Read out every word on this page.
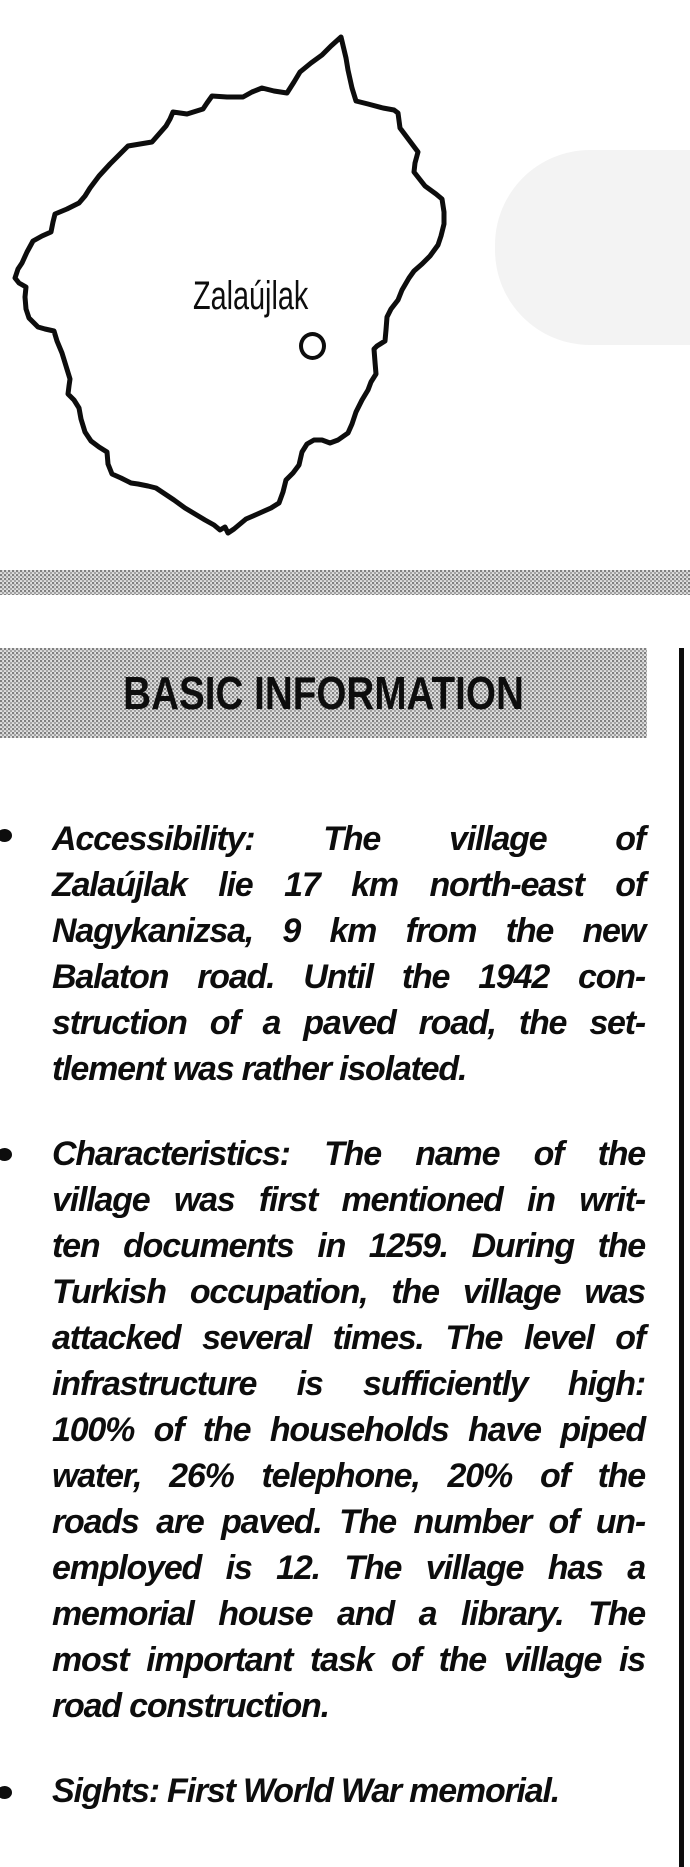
Zalaújlak
BASIC INFORMATION
Accessibility: The village of
Zalaújlak lie 17 km north-east of
Nagykanizsa, 9 km from the new
Balaton road. Until the 1942 con-
struction of a paved road, the set-
tlement was rather isolated.
Characteristics: The name of the
village was first mentioned in writ-
ten documents in 1259. During the
Turkish occupation, the village was
attacked several times. The level of
infrastructure is sufficiently high:
100% of the households have piped
water, 26% telephone, 20% of the
roads are paved. The number of un-
employed is 12. The village has a
memorial house and a library. The
most important task of the village is
road construction.
Sights: First World War memorial.
